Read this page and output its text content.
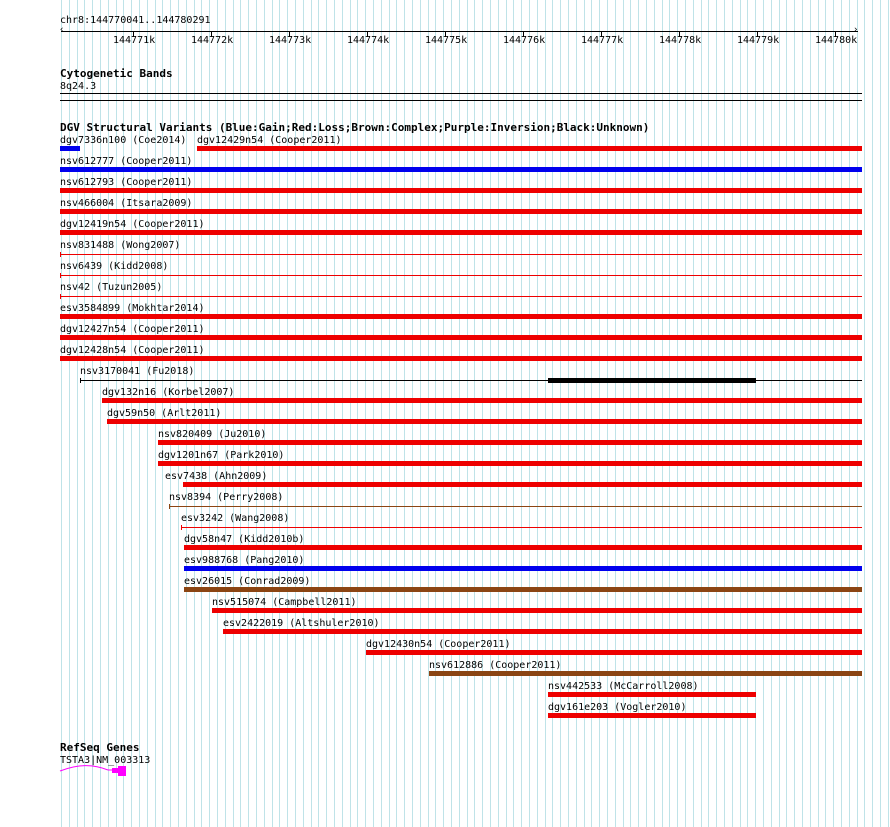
chr8:144770041..144780291
‹	›
144771k	144772k	144773k	144774k	144775k	144776k	144777k	144778k	144779k	144780k
Cytogenetic Bands
8q24.3
DGV Structural Variants (Blue:Gain;Red:Loss;Brown:Complex;Purple:Inversion;Black:Unknown)
dgv7336n100 (Coe2014) dgv12429n54 (Cooper2011)
nsv612777 (Cooper2011)
nsv612793 (Cooper2011)
nsv466004 (Itsara2009)
dgv12419n54 (Cooper2011)
nsv831488 (Wong2007)
nsv6439 (Kidd2008)
nsv42 (Tuzun2005)
esv3584899 (Mokhtar2014)
dgv12427n54 (Cooper2011)
dgv12428n54 (Cooper2011)
nsv3170041 (Fu2018)
dgv132n16 (Korbel2007)
dgv59n50 (Arlt2011)
nsv820409 (Ju2010)
dgv1201n67 (Park2010)
esv7438 (Ahn2009)
nsv8394 (Perry2008)
esv3242 (Wang2008)
dgv58n47 (Kidd2010b)
esv988768 (Pang2010)
esv26015 (Conrad2009)
nsv515074 (Campbell2011)
esv2422019 (Altshuler2010)
dgv12430n54 (Cooper2011)
nsv612886 (Cooper2011)
nsv442533 (McCarroll2008)
dgv161e203 (Vogler2010)
RefSeq Genes
TSTA3|NM_003313
